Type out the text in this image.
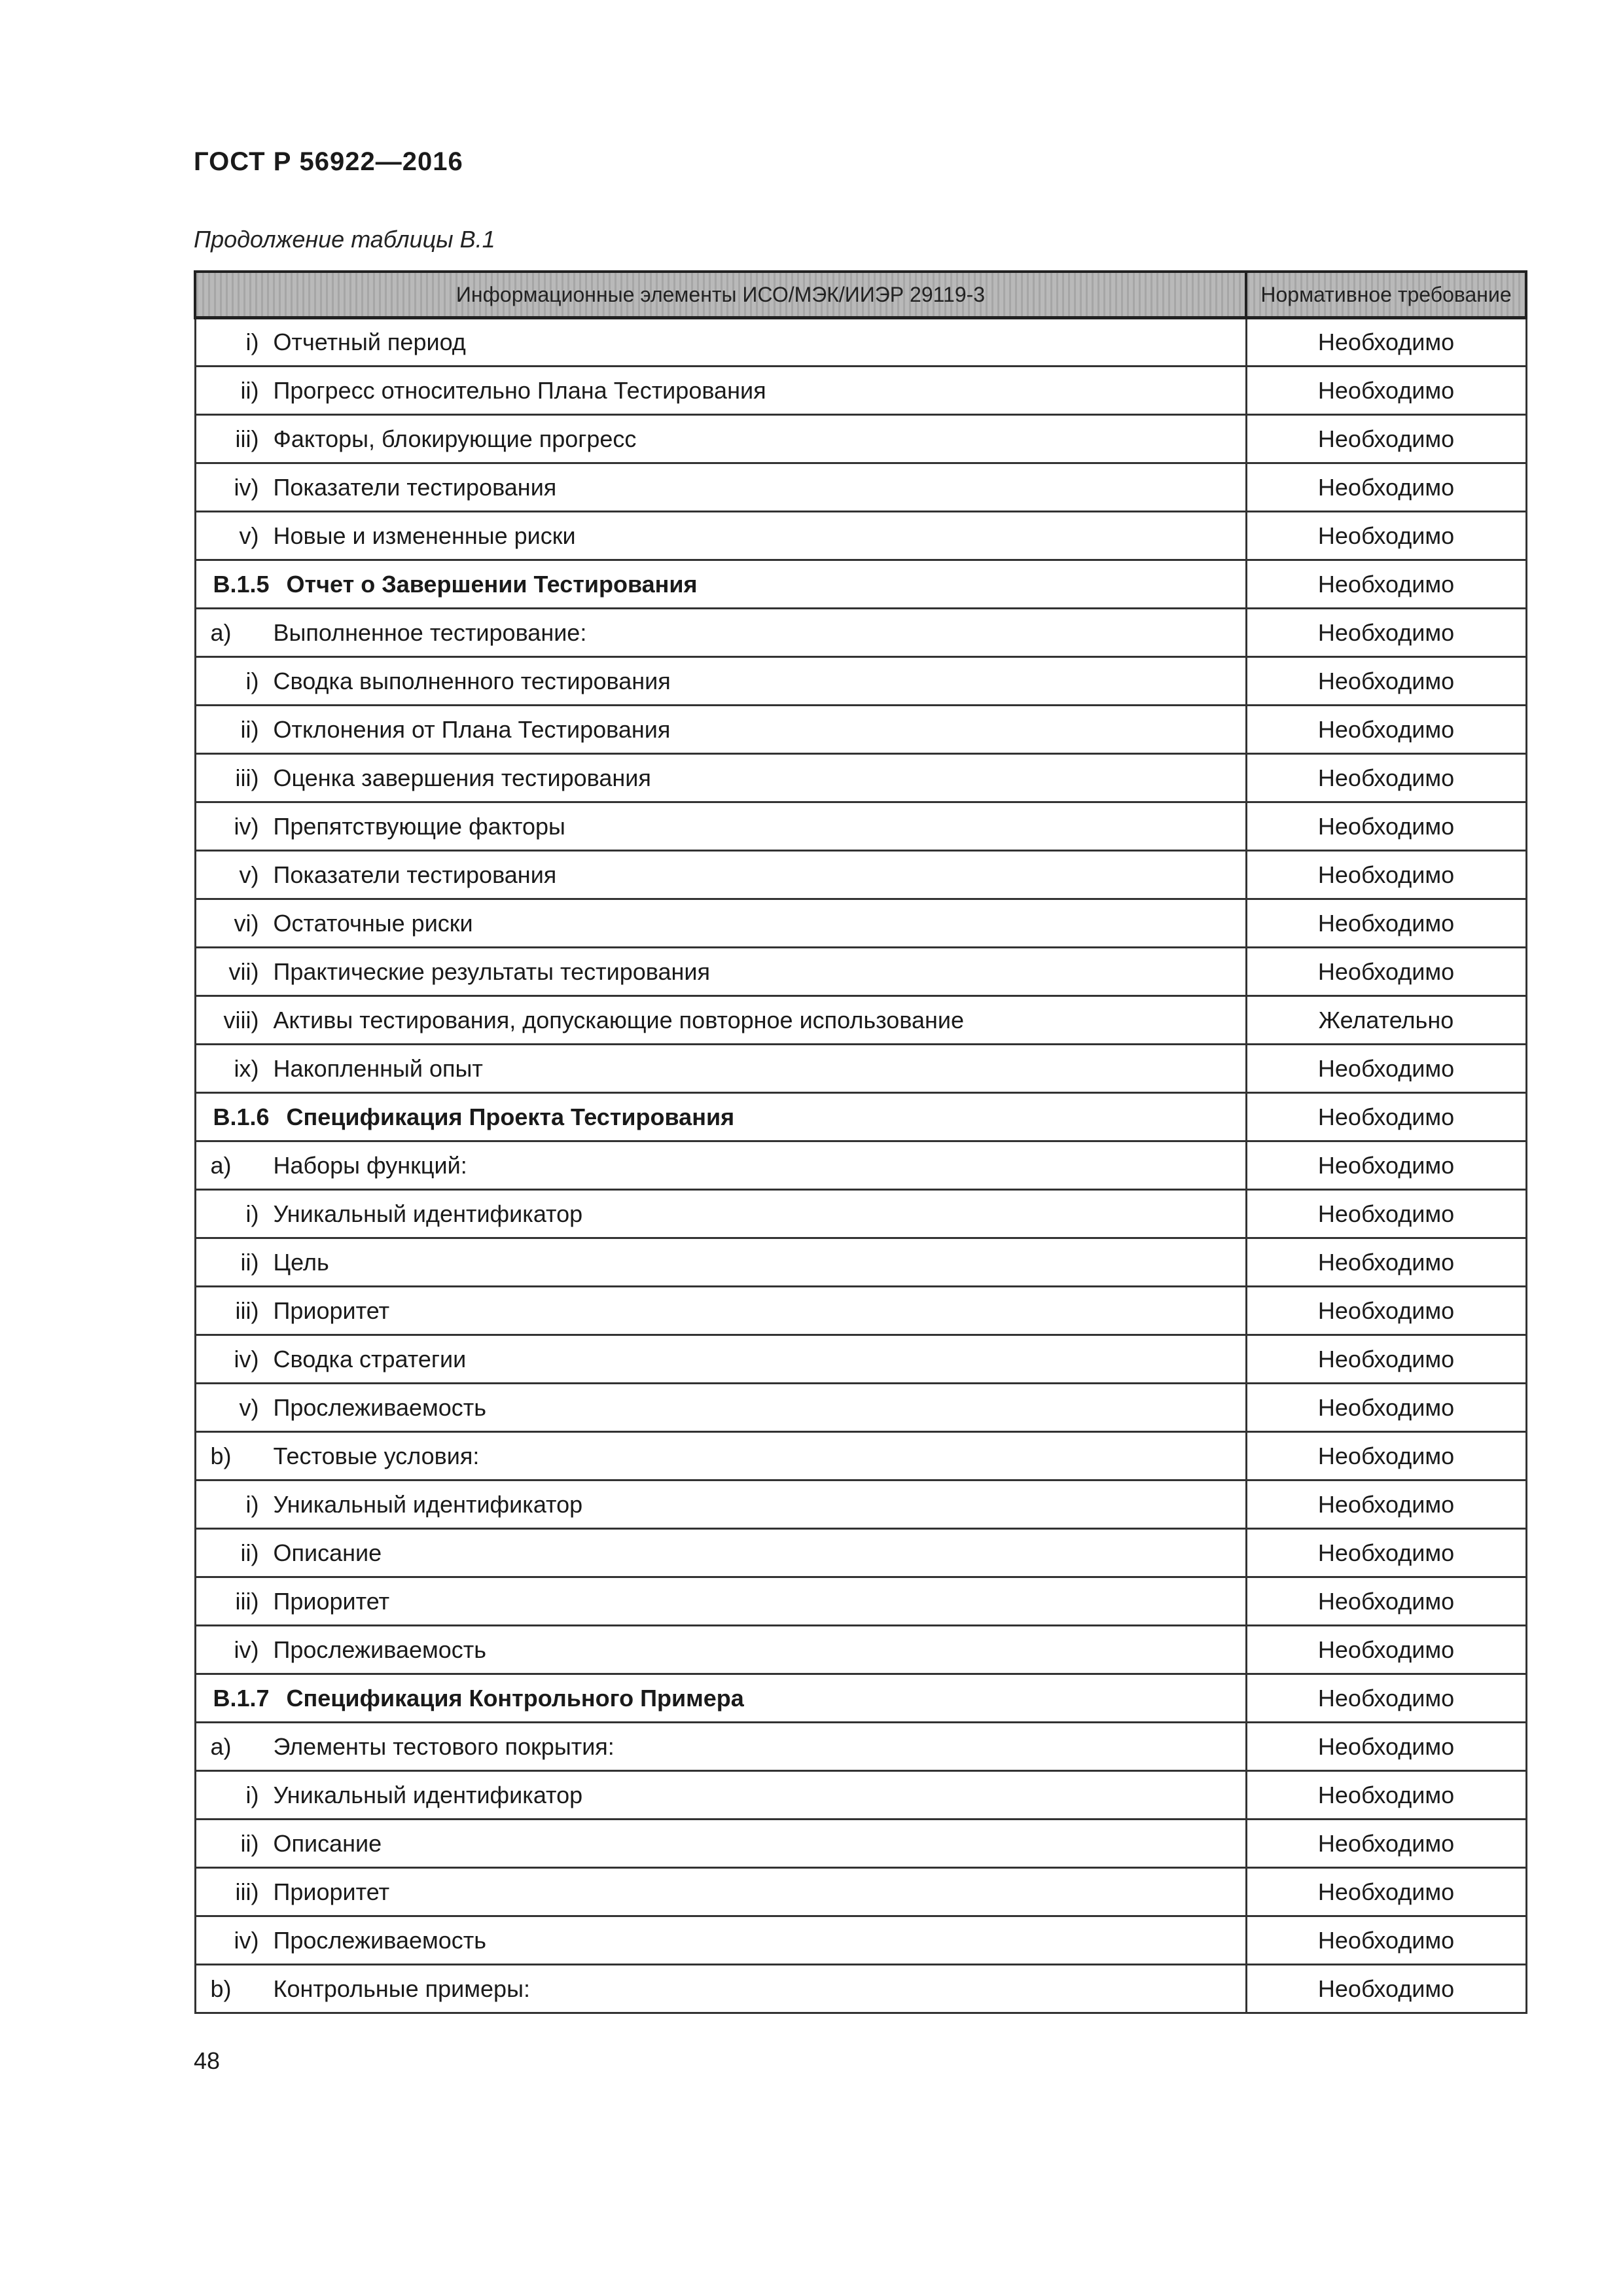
ГОСТ Р 56922—2016
Продолжение таблицы В.1
Информационные элементы ИСО/МЭК/ИИЭР 29119-3	Нормативное требование

i) Отчетный период	Необходимо

ii) Прогресс относительно Плана Тестирования	Необходимо

iii) Факторы, блокирующие прогресс	Необходимо

iv) Показатели тестирования	Необходимо

v) Новые и измененные риски	Необходимо

В.1.5 Отчет о Завершении Тестирования	Необходимо

a) Выполненное тестирование:	Необходимо

i) Сводка выполненного тестирования	Необходимо

ii) Отклонения от Плана Тестирования	Необходимо

iii) Оценка завершения тестирования	Необходимо

iv) Препятствующие факторы	Необходимо

v) Показатели тестирования	Необходимо

vi) Остаточные риски	Необходимо

vii) Практические результаты тестирования	Необходимо

viii) Активы тестирования, допускающие повторное использование	Желательно

ix) Накопленный опыт	Необходимо

В.1.6 Спецификация Проекта Тестирования	Необходимо

a) Наборы функций:	Необходимо

i) Уникальный идентификатор	Необходимо

ii) Цель	Необходимо

iii) Приоритет	Необходимо

iv) Сводка стратегии	Необходимо

v) Прослеживаемость	Необходимо

b) Тестовые условия:	Необходимо

i) Уникальный идентификатор	Необходимо

ii) Описание	Необходимо

iii) Приоритет	Необходимо

iv) Прослеживаемость	Необходимо

В.1.7 Спецификация Контрольного Примера	Необходимо

a) Элементы тестового покрытия:	Необходимо

i) Уникальный идентификатор	Необходимо

ii) Описание	Необходимо

iii) Приоритет	Необходимо

iv) Прослеживаемость	Необходимо

b) Контрольные примеры:	Необходимо
48
